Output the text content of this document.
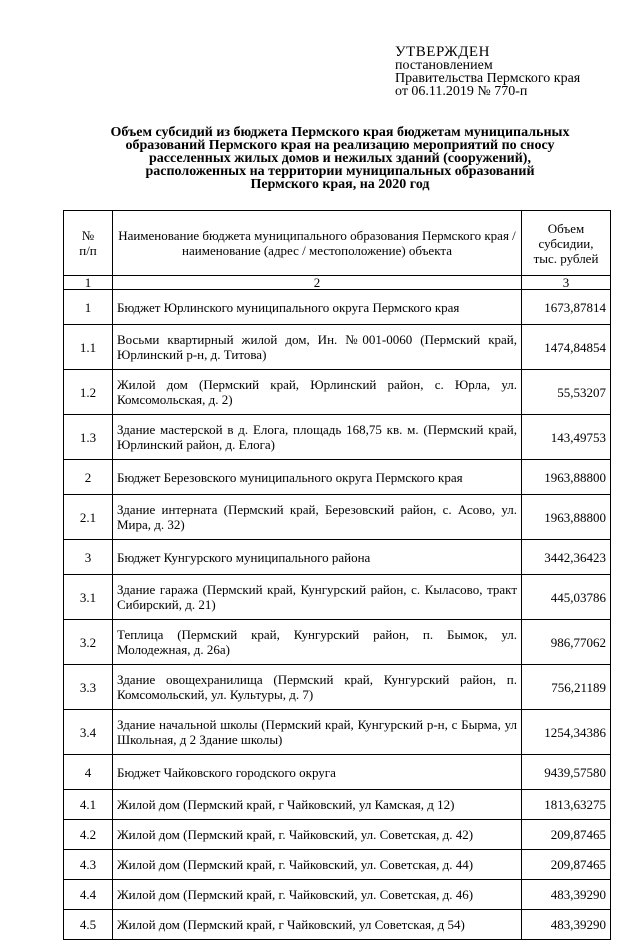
УТВЕРЖДЕН
постановлением
Правительства Пермского края
от 06.11.2019 № 770-п
Объем субсидий из бюджета Пермского края бюджетам муниципальных
образований Пермского края на реализацию мероприятий по сносу
расселенных жилых домов и нежилых зданий (сооружений),
расположенных на территории муниципальных образований
Пермского края, на 2020 год
№
п/п	Наименование бюджета муниципального образования Пермского края / наименование (адрес / местоположение) объекта	Объем субсидии, тыс. рублей
1	2	3
1	Бюджет Юрлинского муниципального округа Пермского края	1673,87814
1.1	Восьми квартирный жилой дом, Ин. №001-0060 (Пермский край, Юрлинский р-н, д. Титова)	1474,84854
1.2	Жилой дом (Пермский край, Юрлинский район, с. Юрла, ул. Комсомольская, д. 2)	55,53207
1.3	Здание мастерской в д. Елога, площадь 168,75 кв. м. (Пермский край, Юрлинский район, д. Елога)	143,49753
2	Бюджет Березовского муниципального округа Пермского края	1963,88800
2.1	Здание интерната (Пермский край, Березовский район, с. Асово, ул. Мира, д. 32)	1963,88800
3	Бюджет Кунгурского муниципального района	3442,36423
3.1	Здание гаража (Пермский край, Кунгурский район, с. Кыласово, тракт Сибирский, д. 21)	445,03786
3.2	Теплица (Пермский край, Кунгурский район, п. Бымок, ул. Молодежная, д. 26а)	986,77062
3.3	Здание овощехранилища (Пермский край, Кунгурский район, п. Комсомольский, ул. Культуры, д. 7)	756,21189
3.4	Здание начальной школы (Пермский край, Кунгурский р-н, с Бырма, ул Школьная, д 2 Здание школы)	1254,34386
4	Бюджет Чайковского городского округа	9439,57580
4.1	Жилой дом (Пермский край, г Чайковский, ул Камская, д 12)	1813,63275
4.2	Жилой дом (Пермский край, г. Чайковский, ул. Советская, д. 42)	209,87465
4.3	Жилой дом (Пермский край, г. Чайковский, ул. Советская, д. 44)	209,87465
4.4	Жилой дом (Пермский край, г. Чайковский, ул. Советская, д. 46)	483,39290
4.5	Жилой дом (Пермский край, г Чайковский, ул Советская, д 54)	483,39290
